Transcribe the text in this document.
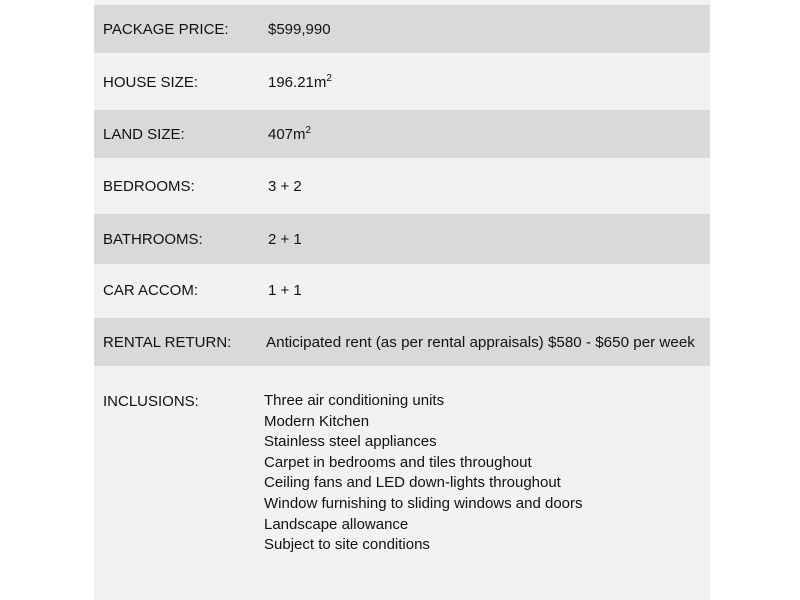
PACKAGE PRICE:	$599,990
HOUSE SIZE:	$196.21m^2$
LAND SIZE:	$407m^2$
BEDROOMS:	3 + 2
BATHROOMS:	2 + 1
CAR ACCOM:	1 + 1
RENTAL RETURN: Anticipated rent (as per rental appraisals) $580 - $650 per week
INCLUSIONS:	Three air conditioning units
Modern Kitchen
Stainless steel appliances
Carpet in bedrooms and tiles throughout
Ceiling fans and LED down-lights throughout
Window furnishing to sliding windows and doors
Landscape allowance
Subject to site conditions
